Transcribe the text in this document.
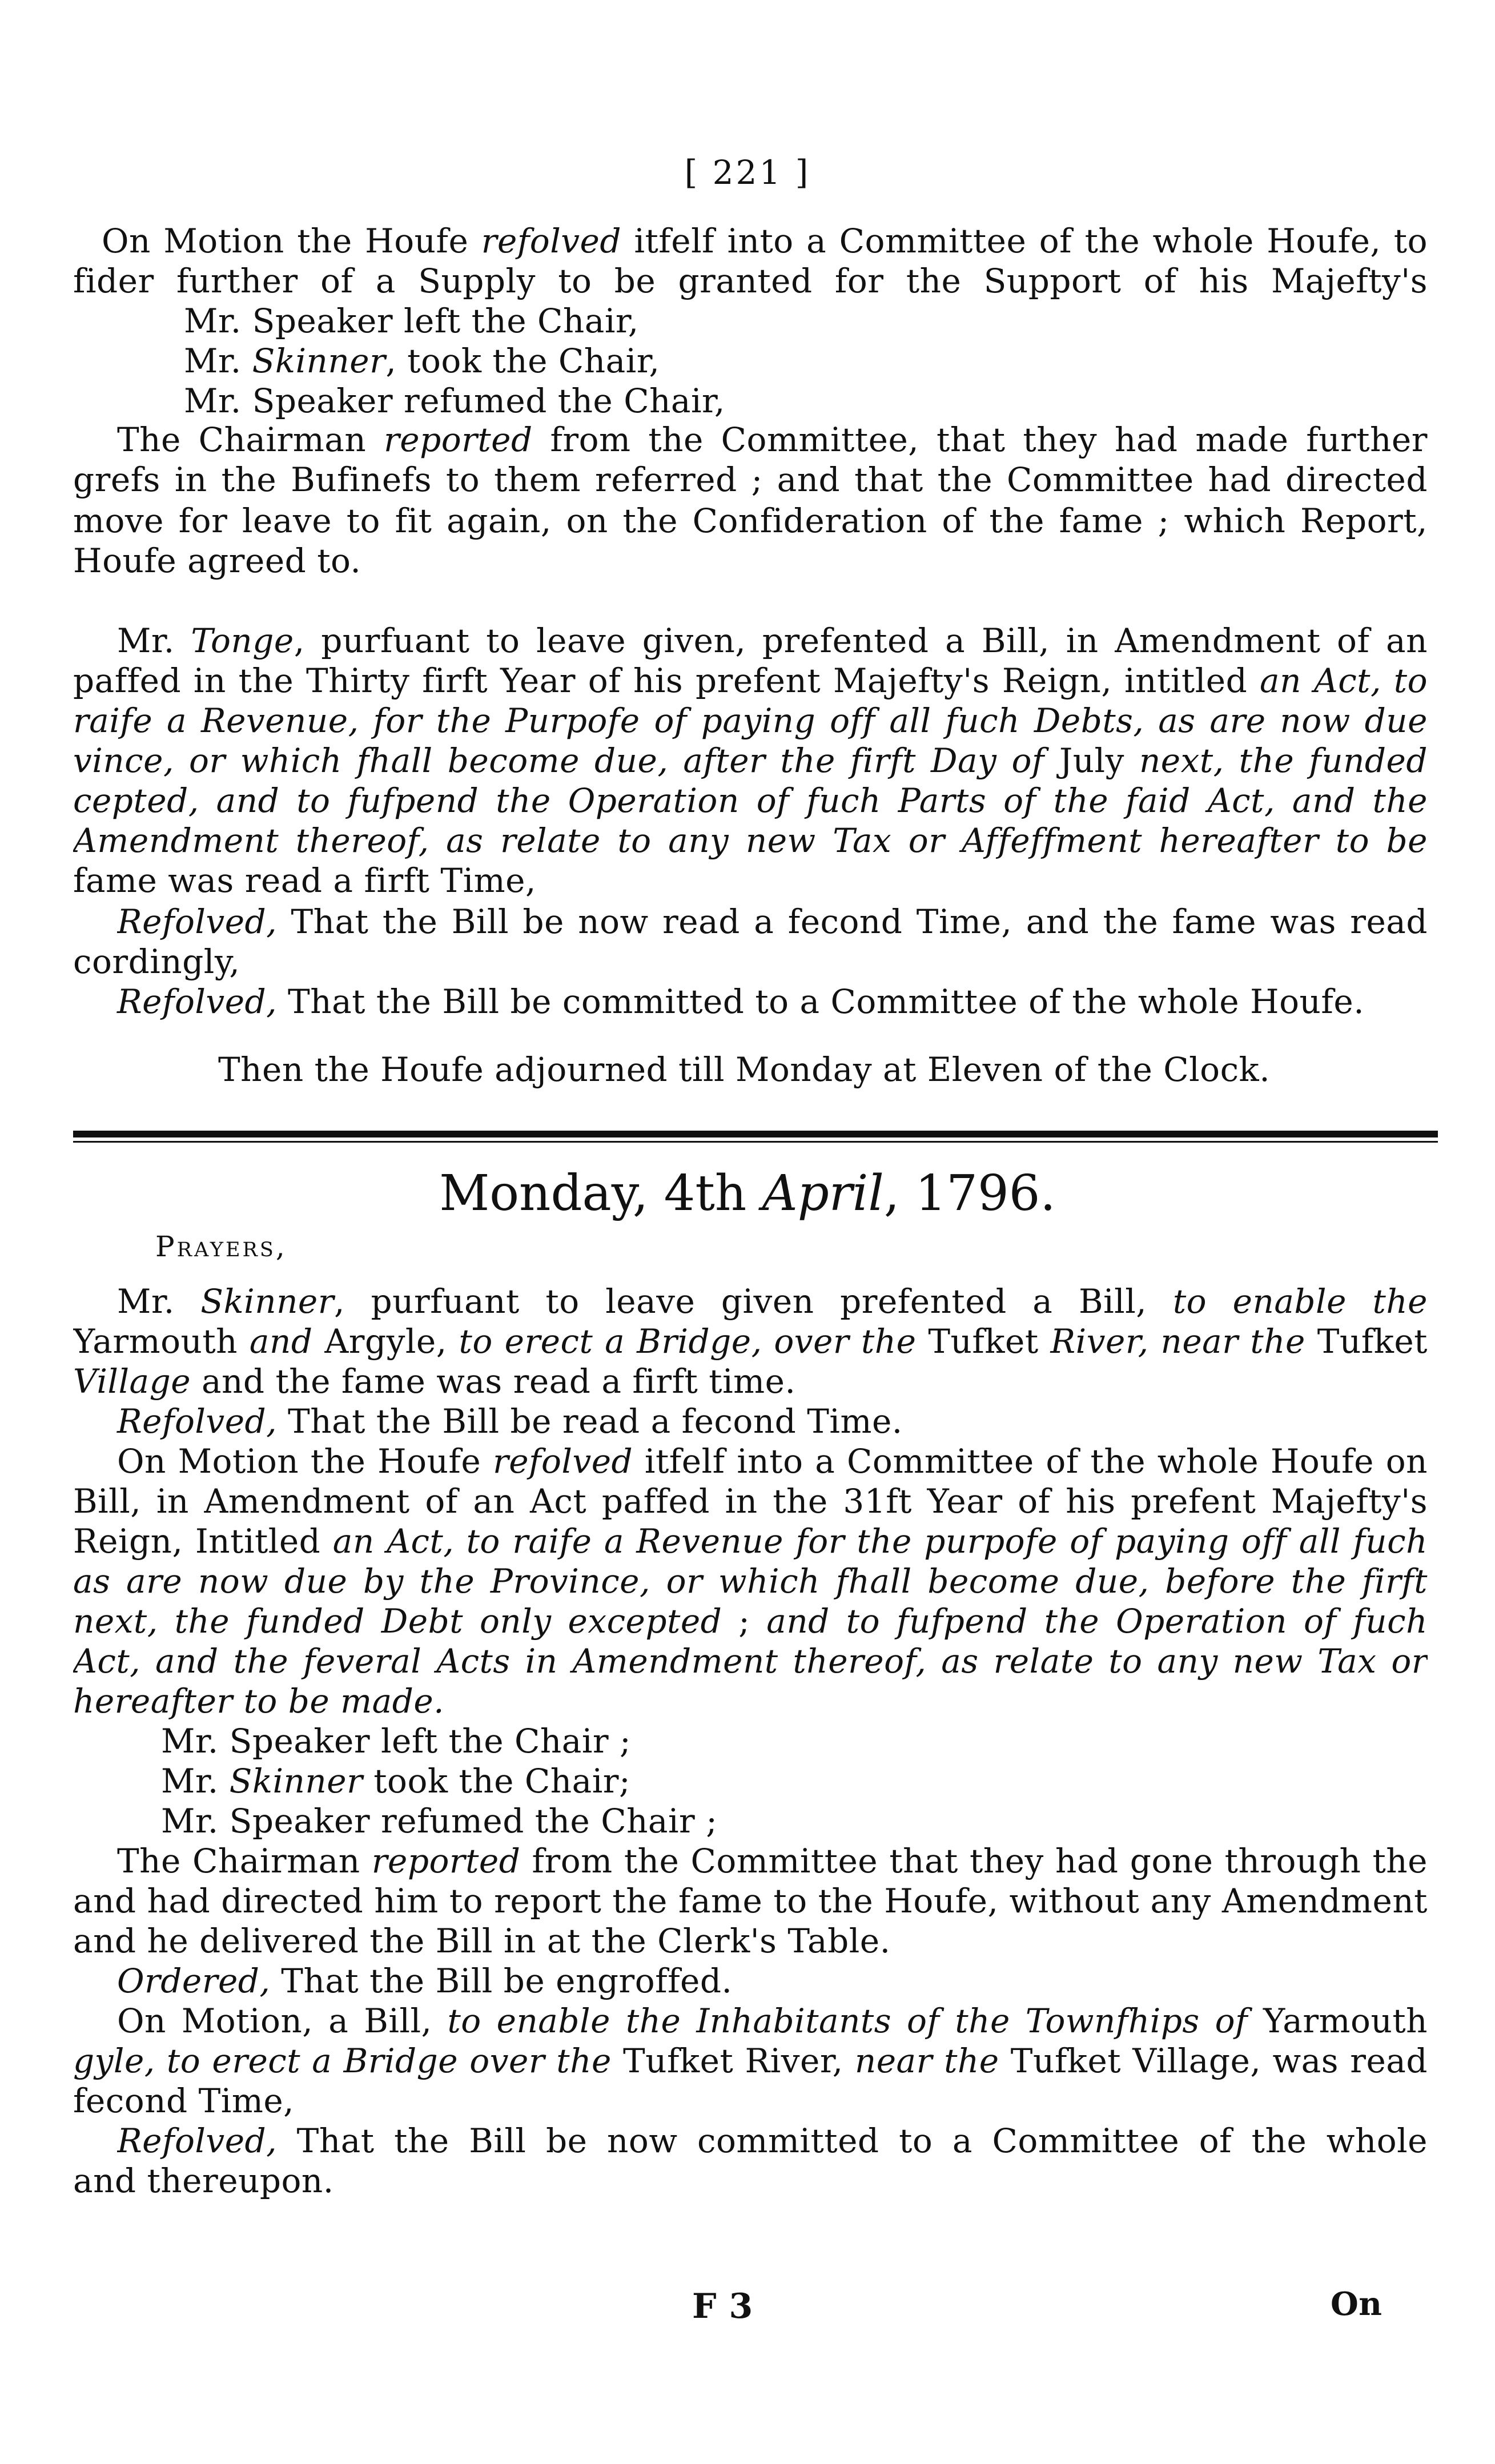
[ 221 ]
On Motion the Houfe refolved itfelf into a Committee of the whole Houfe, to
fider further of a Supply to be granted for the Support of his Majefty's
Mr. Speaker left the Chair,
Mr. Skinner, took the Chair,
Mr. Speaker refumed the Chair,
The Chairman reported from the Committee, that they had made further
grefs in the Bufinefs to them referred ; and that the Committee had directed
move for leave to fit again, on the Confideration of the fame ; which Report,
Houfe agreed to.
Mr. Tonge, purfuant to leave given, prefented a Bill, in Amendment of an
paffed in the Thirty firft Year of his prefent Majefty's Reign, intitled an Act, to
raife a Revenue, for the Purpofe of paying off all fuch Debts, as are now due
vince, or which fhall become due, after the firft Day of July next, the funded
cepted, and to fufpend the Operation of fuch Parts of the faid Act, and the
Amendment thereof, as relate to any new Tax or Affeffment hereafter to be
fame was read a firft Time,
Refolved, That the Bill be now read a fecond Time, and the fame was read
cordingly,
Refolved, That the Bill be committed to a Committee of the whole Houfe.
Then the Houfe adjourned till Monday at Eleven of the Clock.
Monday, 4th April, 1796.
Prayers,
Mr. Skinner, purfuant to leave given prefented a Bill, to enable the
Yarmouth and Argyle, to erect a Bridge, over the Tufket River, near the Tufket
Village and the fame was read a firft time.
Refolved, That the Bill be read a fecond Time.
On Motion the Houfe refolved itfelf into a Committee of the whole Houfe on
Bill, in Amendment of an Act paffed in the 31ft Year of his prefent Majefty's
Reign, Intitled an Act, to raife a Revenue for the purpofe of paying off all fuch
as are now due by the Province, or which fhall become due, before the firft
next, the funded Debt only excepted ; and to fufpend the Operation of fuch
Act, and the feveral Acts in Amendment thereof, as relate to any new Tax or
hereafter to be made.
Mr. Speaker left the Chair ;
Mr. Skinner took the Chair;
Mr. Speaker refumed the Chair ;
The Chairman reported from the Committee that they had gone through the
and had directed him to report the fame to the Houfe, without any Amendment
and he delivered the Bill in at the Clerk's Table.
Ordered, That the Bill be engroffed.
On Motion, a Bill, to enable the Inhabitants of the Townfhips of Yarmouth
gyle, to erect a Bridge over the Tufket River, near the Tufket Village, was read
fecond Time,
Refolved, That the Bill be now committed to a Committee of the whole
and thereupon.
F 3	On
